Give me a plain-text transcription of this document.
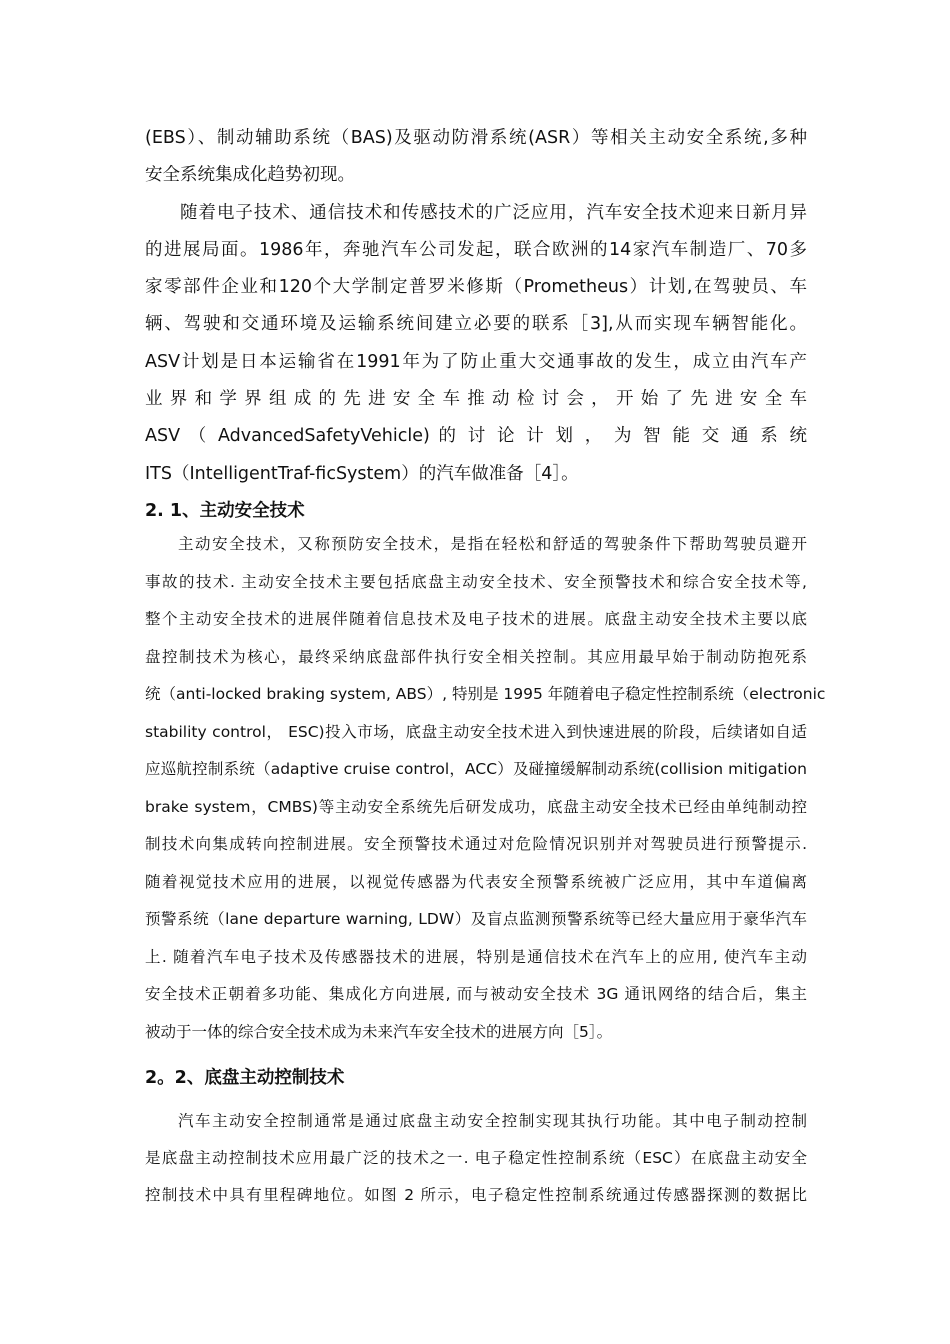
(EBS）、制动辅助系统（BAS)及驱动防滑系统(ASR）等相关主动安全系统,多种
安全系统集成化趋势初现。

随着电子技术、通信技术和传感技术的广泛应用，汽车安全技术迎来日新月异
的进展局面。1986年，奔驰汽车公司发起，联合欧洲的14家汽车制造厂、70多
家零部件企业和120个大学制定普罗米修斯（Prometheus）计划,在驾驶员、车
辆、驾驶和交通环境及运输系统间建立必要的联系［3],从而实现车辆智能化。
ASV计划是日本运输省在1991年为了防止重大交通事故的发生，成立由汽车产
业 界 和 学 界 组 成 的 先 进 安 全 车 推 动 检 讨 会 ， 开 始 了 先 进 安 全 车
ASV （ AdvancedSafetyVehicle) 的 讨 论 计 划 ， 为 智 能 交 通 系 统
ITS（IntelligentTraf-ficSystem）的汽车做准备［4］。

2. 1、主动安全技术

主动安全技术，又称预防安全技术，是指在轻松和舒适的驾驶条件下帮助驾驶员避开
事故的技术. 主动安全技术主要包括底盘主动安全技术、安全预警技术和综合安全技术等,
整个主动安全技术的进展伴随着信息技术及电子技术的进展。底盘主动安全技术主要以底
盘控制技术为核心，最终采纳底盘部件执行安全相关控制。其应用最早始于制动防抱死系
统（anti-locked braking system, ABS）, 特别是 1995 年随着电子稳定性控制系统（electronic
stability control， ESC)投入市场，底盘主动安全技术进入到快速进展的阶段，后续诸如自适
应巡航控制系统（adaptive cruise control，ACC）及碰撞缓解制动系统(collision mitigation
brake system，CMBS)等主动安全系统先后研发成功，底盘主动安全技术已经由单纯制动控
制技术向集成转向控制进展。安全预警技术通过对危险情况识别并对驾驶员进行预警提示.
随着视觉技术应用的进展，以视觉传感器为代表安全预警系统被广泛应用，其中车道偏离
预警系统（lane departure warning, LDW）及盲点监测预警系统等已经大量应用于豪华汽车
上. 随着汽车电子技术及传感器技术的进展，特别是通信技术在汽车上的应用, 使汽车主动
安全技术正朝着多功能、集成化方向进展, 而与被动安全技术 3G 通讯网络的结合后，集主
被动于一体的综合安全技术成为未来汽车安全技术的进展方向［5］。

2。2、底盘主动控制技术

汽车主动安全控制通常是通过底盘主动安全控制实现其执行功能。其中电子制动控制
是底盘主动控制技术应用最广泛的技术之一. 电子稳定性控制系统（ESC）在底盘主动安全
控制技术中具有里程碑地位。如图 2 所示，电子稳定性控制系统通过传感器探测的数据比
